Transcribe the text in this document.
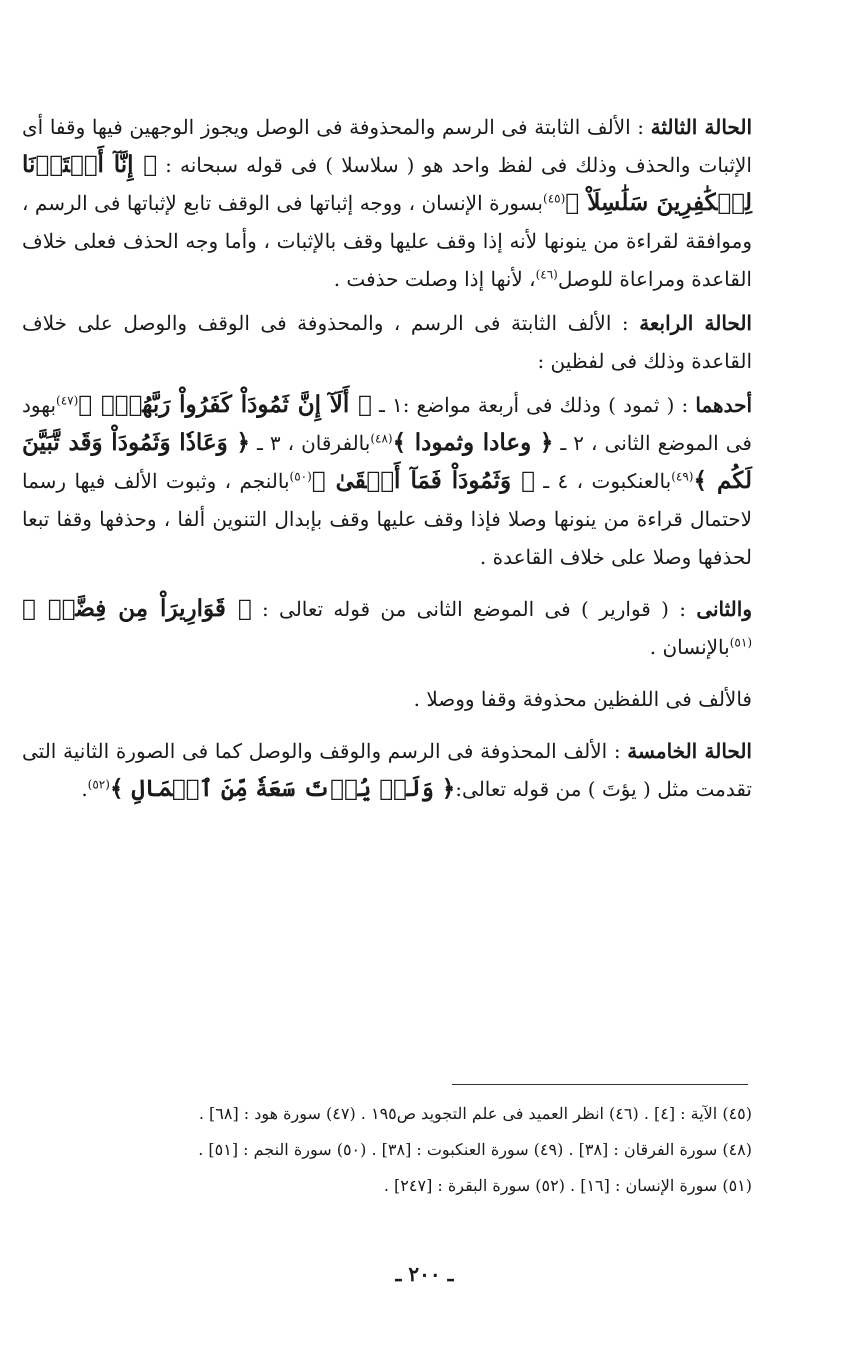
الحالة الثالثة : الألف الثابتة فى الرسم والمحذوفة فى الوصل ويجوز الوجهين فيها وقفا أى الإثبات والحذف وذلك فى لفظ واحد هو ( سلاسلا ) فى قوله سبحانه : ﴿ إِنَّآ أَعۡتَدۡنَا لِلۡكَٰفِرِينَ سَلَٰسِلَاْ ﴾$^{(٤٥)}$بسورة الإنسان ، ووجه إثباتها فى الوقف تابع لإثباتها فى الرسم ، وموافقة لقراءة من ينونها لأنه إذا وقف عليها وقف بالإثبات ، وأما وجه الحذف فعلى خلاف القاعدة ومراعاة للوصل$^{(٤٦)}$، لأنها إذا وصلت حذفت .

الحالة الرابعة : الألف الثابتة فى الرسم ، والمحذوفة فى الوقف والوصل على خلاف القاعدة وذلك فى لفظين :

أحدهما : ( ثمود ) وذلك فى أربعة مواضع :١ ـ ﴿ أَلَآ إِنَّ ثَمُودَاْ كَفَرُواْ رَبَّهُمۡۗ ﴾$^{(٤٧)}$بهود فى الموضع الثانى ، ٢ ـ ﴿ وعادا وثمودا ﴾$^{(٤٨)}$بالفرقان ، ٣ ـ ﴿ وَعَادٗا وَثَمُودَاْ وَقَد تَّبَيَّنَ لَكُم ﴾$^{(٤٩)}$بالعنكبوت ، ٤ ـ ﴿ وَثَمُودَاْ فَمَآ أَبۡقَىٰ ﴾$^{(٥٠)}$بالنجم ، وثبوت الألف فيها رسما لاحتمال قراءة من ينونها وصلا فإذا وقف عليها وقف بإبدال التنوين ألفا ، وحذفها وقفا تبعا لحذفها وصلا على خلاف القاعدة .

والثانى : ( قوارير ) فى الموضع الثانى من قوله تعالى : ﴿ قَوَارِيرَاْ مِن فِضَّةٖ ﴾$^{(٥١)}$بالإنسان .

فالألف فى اللفظين محذوفة وقفا ووصلا .

الحالة الخامسة : الألف المحذوفة فى الرسم والوقف والوصل كما فى الصورة الثانية التى تقدمت مثل ( يؤتَ ) من قوله تعالى:﴿ وَلَمۡ يُؤۡتَ سَعَةٗ مِّنَ ٱلۡمَالِ ﴾$^{(٥٢)}$.

(٤٥) الآية : [٤] . (٤٦) انظر العميد فى علم التجويد ص١٩٥ . (٤٧) سورة هود : [٦٨] .
(٤٨) سورة الفرقان : [٣٨] . (٤٩) سورة العنكبوت : [٣٨] . (٥٠) سورة النجم : [٥١] .
(٥١) سورة الإنسان : [١٦] . (٥٢) سورة البقرة : [٢٤٧] .
ـ ٢٠٠ ـ
